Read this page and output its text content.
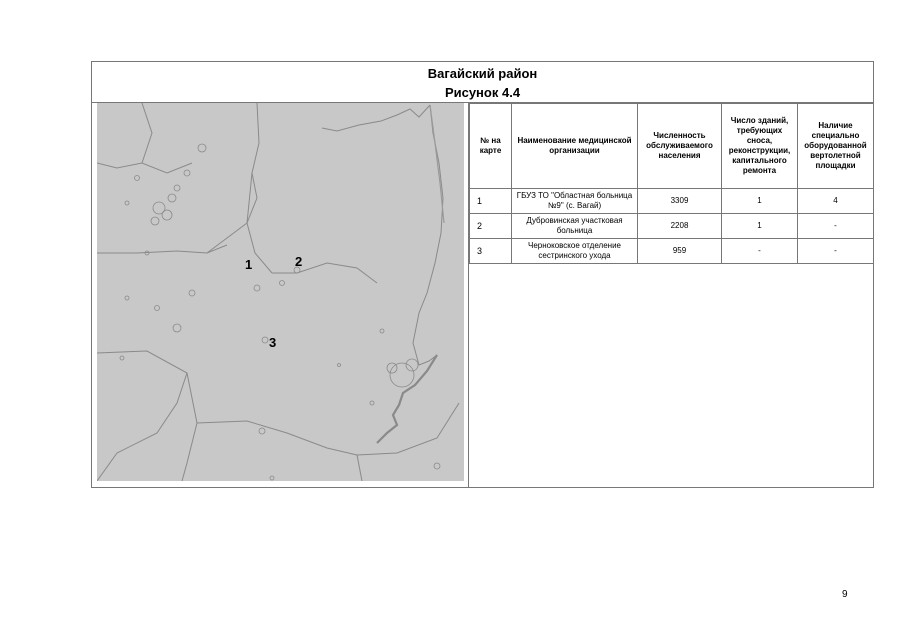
Вагайский район
Рисунок 4.4
1	2
3
№ на карте	Наименование медицинской организации	Численность обслуживаемого населения	Число зданий, требующих сноса, реконструкции, капитального ремонта	Наличие специально оборудованной вертолетной площадки
1	ГБУЗ ТО "Областная больница №9" (с. Вагай)	3309	1	4
2	Дубровинская участковая больница	2208	1	-
3	Черноковское отделение сестринского ухода	959	-	-
9
